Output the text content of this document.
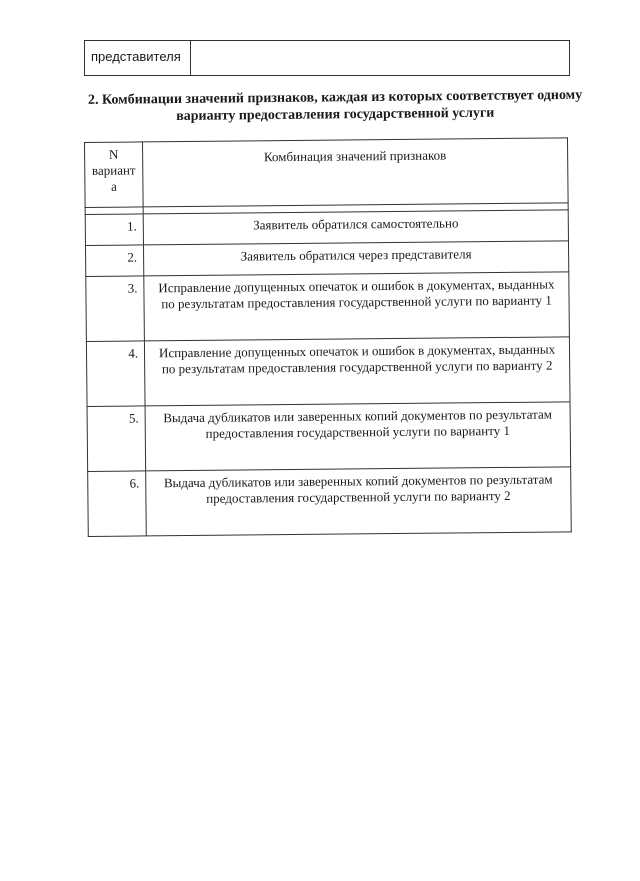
представителя
2. Комбинации значений признаков, каждая из которых соответствует одному варианту предоставления государственной услуги
N
вариант
а	Комбинация значений признаков

1.	Заявитель обратился самостоятельно
2.	Заявитель обратился через представителя
3.	Исправление допущенных опечаток и ошибок в документах, выданных по результатам предоставления государственной услуги по варианту 1
4.	Исправление допущенных опечаток и ошибок в документах, выданных по результатам предоставления государственной услуги по варианту 2
5.	Выдача дубликатов или заверенных копий документов по результатам предоставления государственной услуги по варианту 1
6.	Выдача дубликатов или заверенных копий документов по результатам предоставления государственной услуги по варианту 2
